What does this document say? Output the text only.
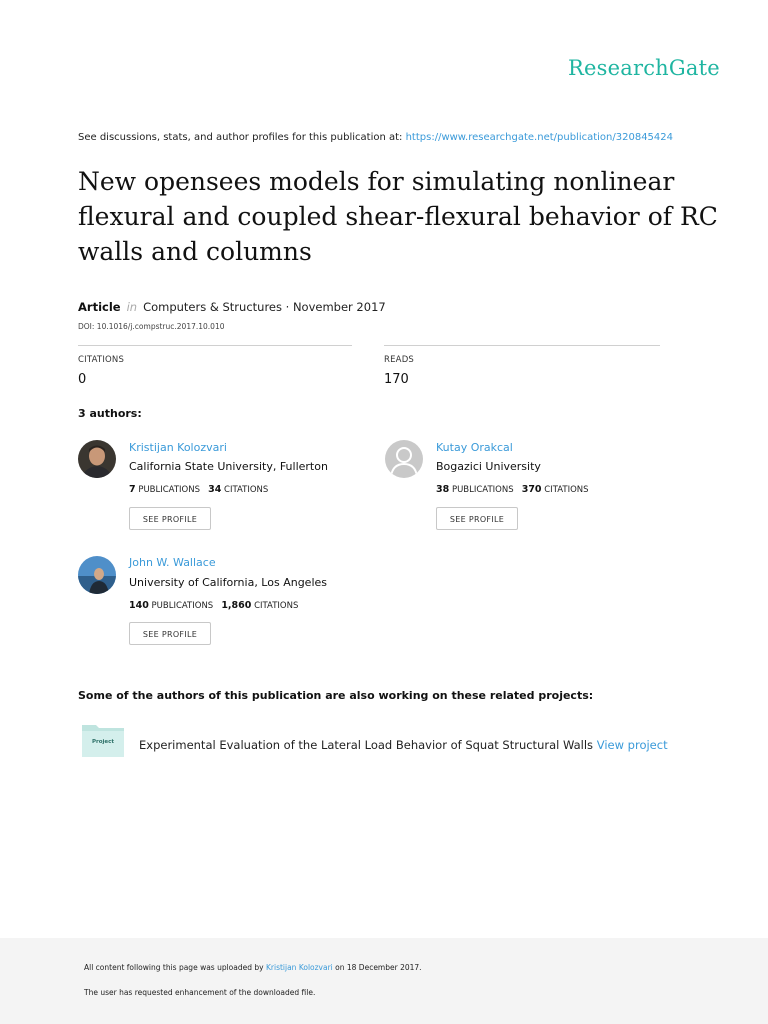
ResearchGate
See discussions, stats, and author profiles for this publication at: https://www.researchgate.net/publication/320845424
New opensees models for simulating nonlinear flexural and coupled shear-flexural behavior of RC walls and columns
Article in Computers & Structures · November 2017
DOI: 10.1016/j.compstruc.2017.10.010
CITATIONS
0
READS
170
3 authors:
Kristijan Kolozvari
California State University, Fullerton
7 PUBLICATIONS 34 CITATIONS
SEE PROFILE
Kutay Orakcal
Bogazici University
38 PUBLICATIONS 370 CITATIONS
SEE PROFILE
John W. Wallace
University of California, Los Angeles
140 PUBLICATIONS 1,860 CITATIONS
SEE PROFILE
Some of the authors of this publication are also working on these related projects:
Project	Experimental Evaluation of the Lateral Load Behavior of Squat Structural Walls View project
All content following this page was uploaded by Kristijan Kolozvari on 18 December 2017.
The user has requested enhancement of the downloaded file.
